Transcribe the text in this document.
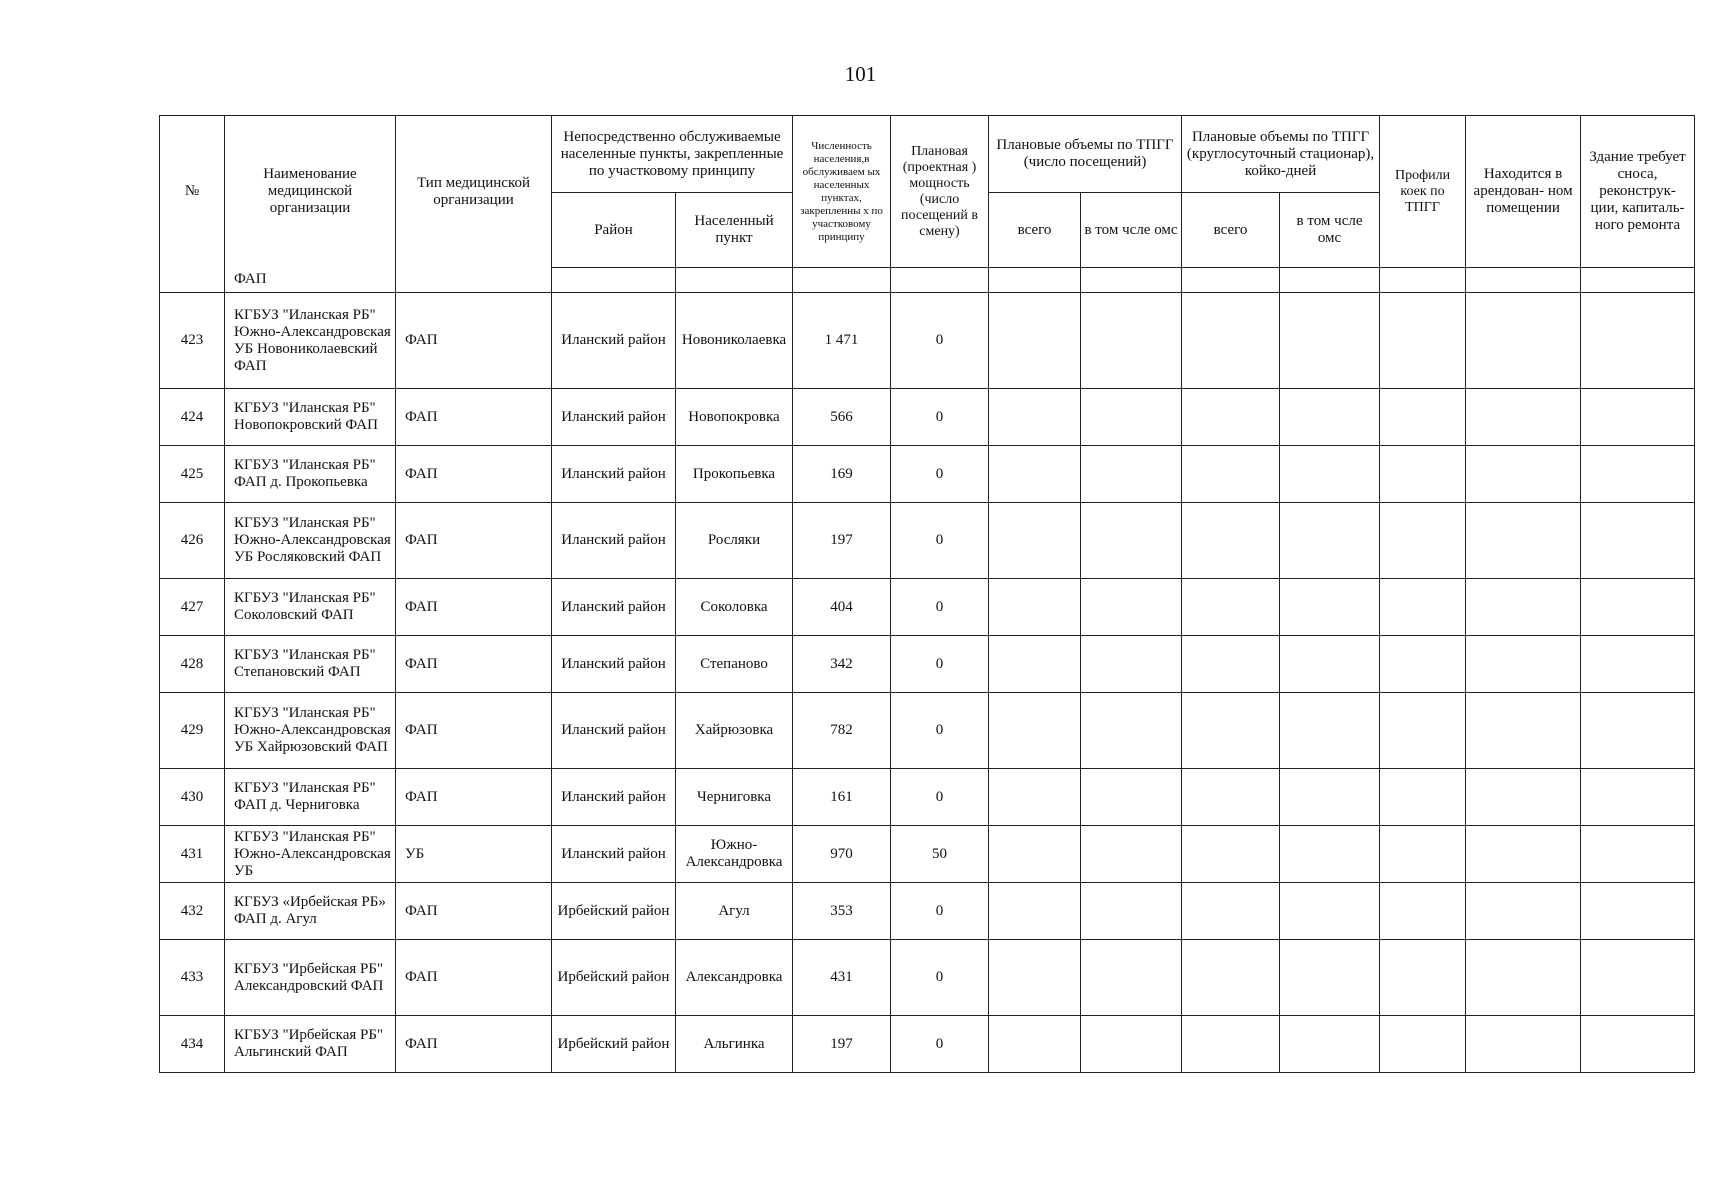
101
№	Наименование медицинской организации	Тип медицинской организации	Непосредственно обслуживаемые населенные пункты, закрепленные по участковому принципу		Численность населения,в обслуживаем ых населенных пунктах, закрепленны х по участковому принципу	Плановая (проектная ) мощность (число посещений в смену)	Плановые объемы по ТПГГ (число посещений)		Плановые объемы по ТПГГ (круглосуточный стационар), койко-дней		Профили коек по ТПГГ	Находится в арендован- ном помещении	Здание требует сноса, реконструк- ции, капиталь- ного ремонта
			Район	Населенный пункт			всего	в том чсле омс	всего	в том чсле омс			
	ФАП												
423	КГБУЗ "Иланская РБ" Южно-Александровская УБ Новониколаевский ФАП	ФАП	Иланский район	Новониколаевка	1 471	0							
424	КГБУЗ "Иланская РБ" Новопокровский ФАП	ФАП	Иланский район	Новопокровка	566	0							
425	КГБУЗ "Иланская РБ" ФАП д. Прокопьевка	ФАП	Иланский район	Прокопьевка	169	0							
426	КГБУЗ "Иланская РБ" Южно-Александровская УБ Росляковский ФАП	ФАП	Иланский район	Росляки	197	0							
427	КГБУЗ "Иланская РБ" Соколовский ФАП	ФАП	Иланский район	Соколовка	404	0							
428	КГБУЗ "Иланская РБ" Степановский ФАП	ФАП	Иланский район	Степаново	342	0							
429	КГБУЗ "Иланская РБ" Южно-Александровская УБ Хайрюзовский ФАП	ФАП	Иланский район	Хайрюзовка	782	0							
430	КГБУЗ "Иланская РБ" ФАП д. Черниговка	ФАП	Иланский район	Черниговка	161	0							
431	КГБУЗ "Иланская РБ" Южно-Александровская УБ	УБ	Иланский район	Южно-Александровка	970	50							
432	КГБУЗ «Ирбейская РБ» ФАП д. Агул	ФАП	Ирбейский район	Агул	353	0							
433	КГБУЗ "Ирбейская РБ" Александровский ФАП	ФАП	Ирбейский район	Александровка	431	0							
434	КГБУЗ "Ирбейская РБ" Альгинский ФАП	ФАП	Ирбейский район	Альгинка	197	0							
